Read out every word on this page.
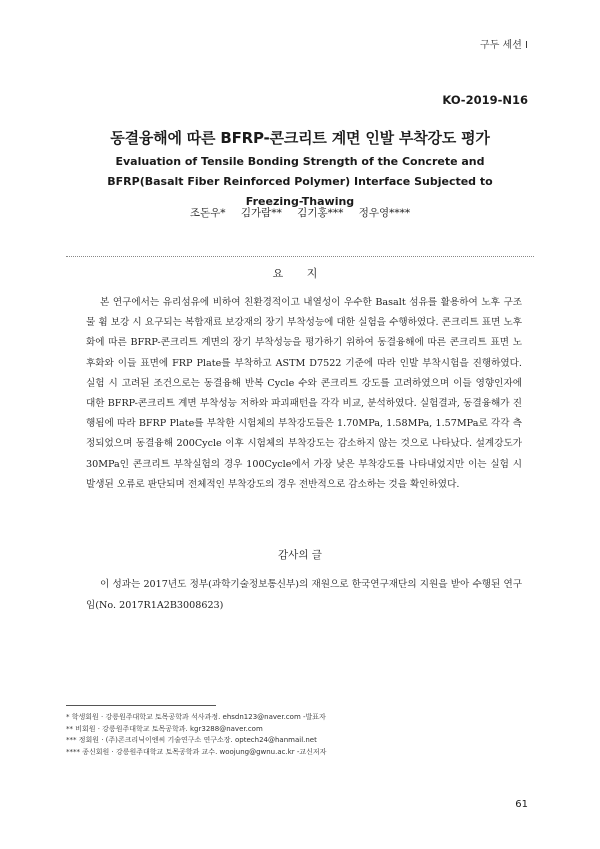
구두 세션 I
KO-2019-N16
동결융해에 따른 BFRP-콘크리트 계면 인발 부착강도 평가
Evaluation of Tensile Bonding Strength of the Concrete and BFRP(Basalt Fiber Reinforced Polymer) Interface Subjected to Freezing-Thawing
조돈우* 김가람** 김기홍*** 정우영****
요 지
본 연구에서는 유리섬유에 비하여 친환경적이고 내열성이 우수한 Basalt 섬유를 활용하여 노후 구조물 휨 보강 시 요구되는 복합재료 보강재의 장기 부착성능에 대한 실험을 수행하였다. 콘크리트 표면 노후화에 따른 BFRP-콘크리트 계면의 장기 부착성능을 평가하기 위하여 동결융해에 따른 콘크리트 표면 노후화와 이들 표면에 FRP Plate를 부착하고 ASTM D7522 기준에 따라 인발 부착시험을 진행하였다. 실험 시 고려된 조건으로는 동결융해 반복 Cycle 수와 콘크리트 강도를 고려하였으며 이들 영향인자에 대한 BFRP-콘크리트 계면 부착성능 저하와 파괴패턴을 각각 비교, 분석하였다. 실험결과, 동결융해가 진행됨에 따라 BFRP Plate를 부착한 시험체의 부착강도들은 1.70MPa, 1.58MPa, 1.57MPa로 각각 측정되었으며 동결융해 200Cycle 이후 시험체의 부착강도는 감소하지 않는 것으로 나타났다. 설계강도가 30MPa인 콘크리트 부착실험의 경우 100Cycle에서 가장 낮은 부착강도를 나타내었지만 이는 실험 시 발생된 오류로 판단되며 전체적인 부착강도의 경우 전반적으로 감소하는 것을 확인하였다.
감사의 글
이 성과는 2017년도 정부(과학기술정보통신부)의 재원으로 한국연구재단의 지원을 받아 수행된 연구임(No. 2017R1A2B3008623)
* 학생회원 · 강릉원주대학교 토목공학과 석사과정. ehsdn123@naver.com -발표자
** 비회원 · 강릉원주대학교 토목공학과. kgr3288@naver.com
*** 정회원 · (주)콘크리닉이엔씨 기술연구소 연구소장. optech24@hanmail.net
**** 종신회원 · 강릉원주대학교 토목공학과 교수. woojung@gwnu.ac.kr -교신저자
61
